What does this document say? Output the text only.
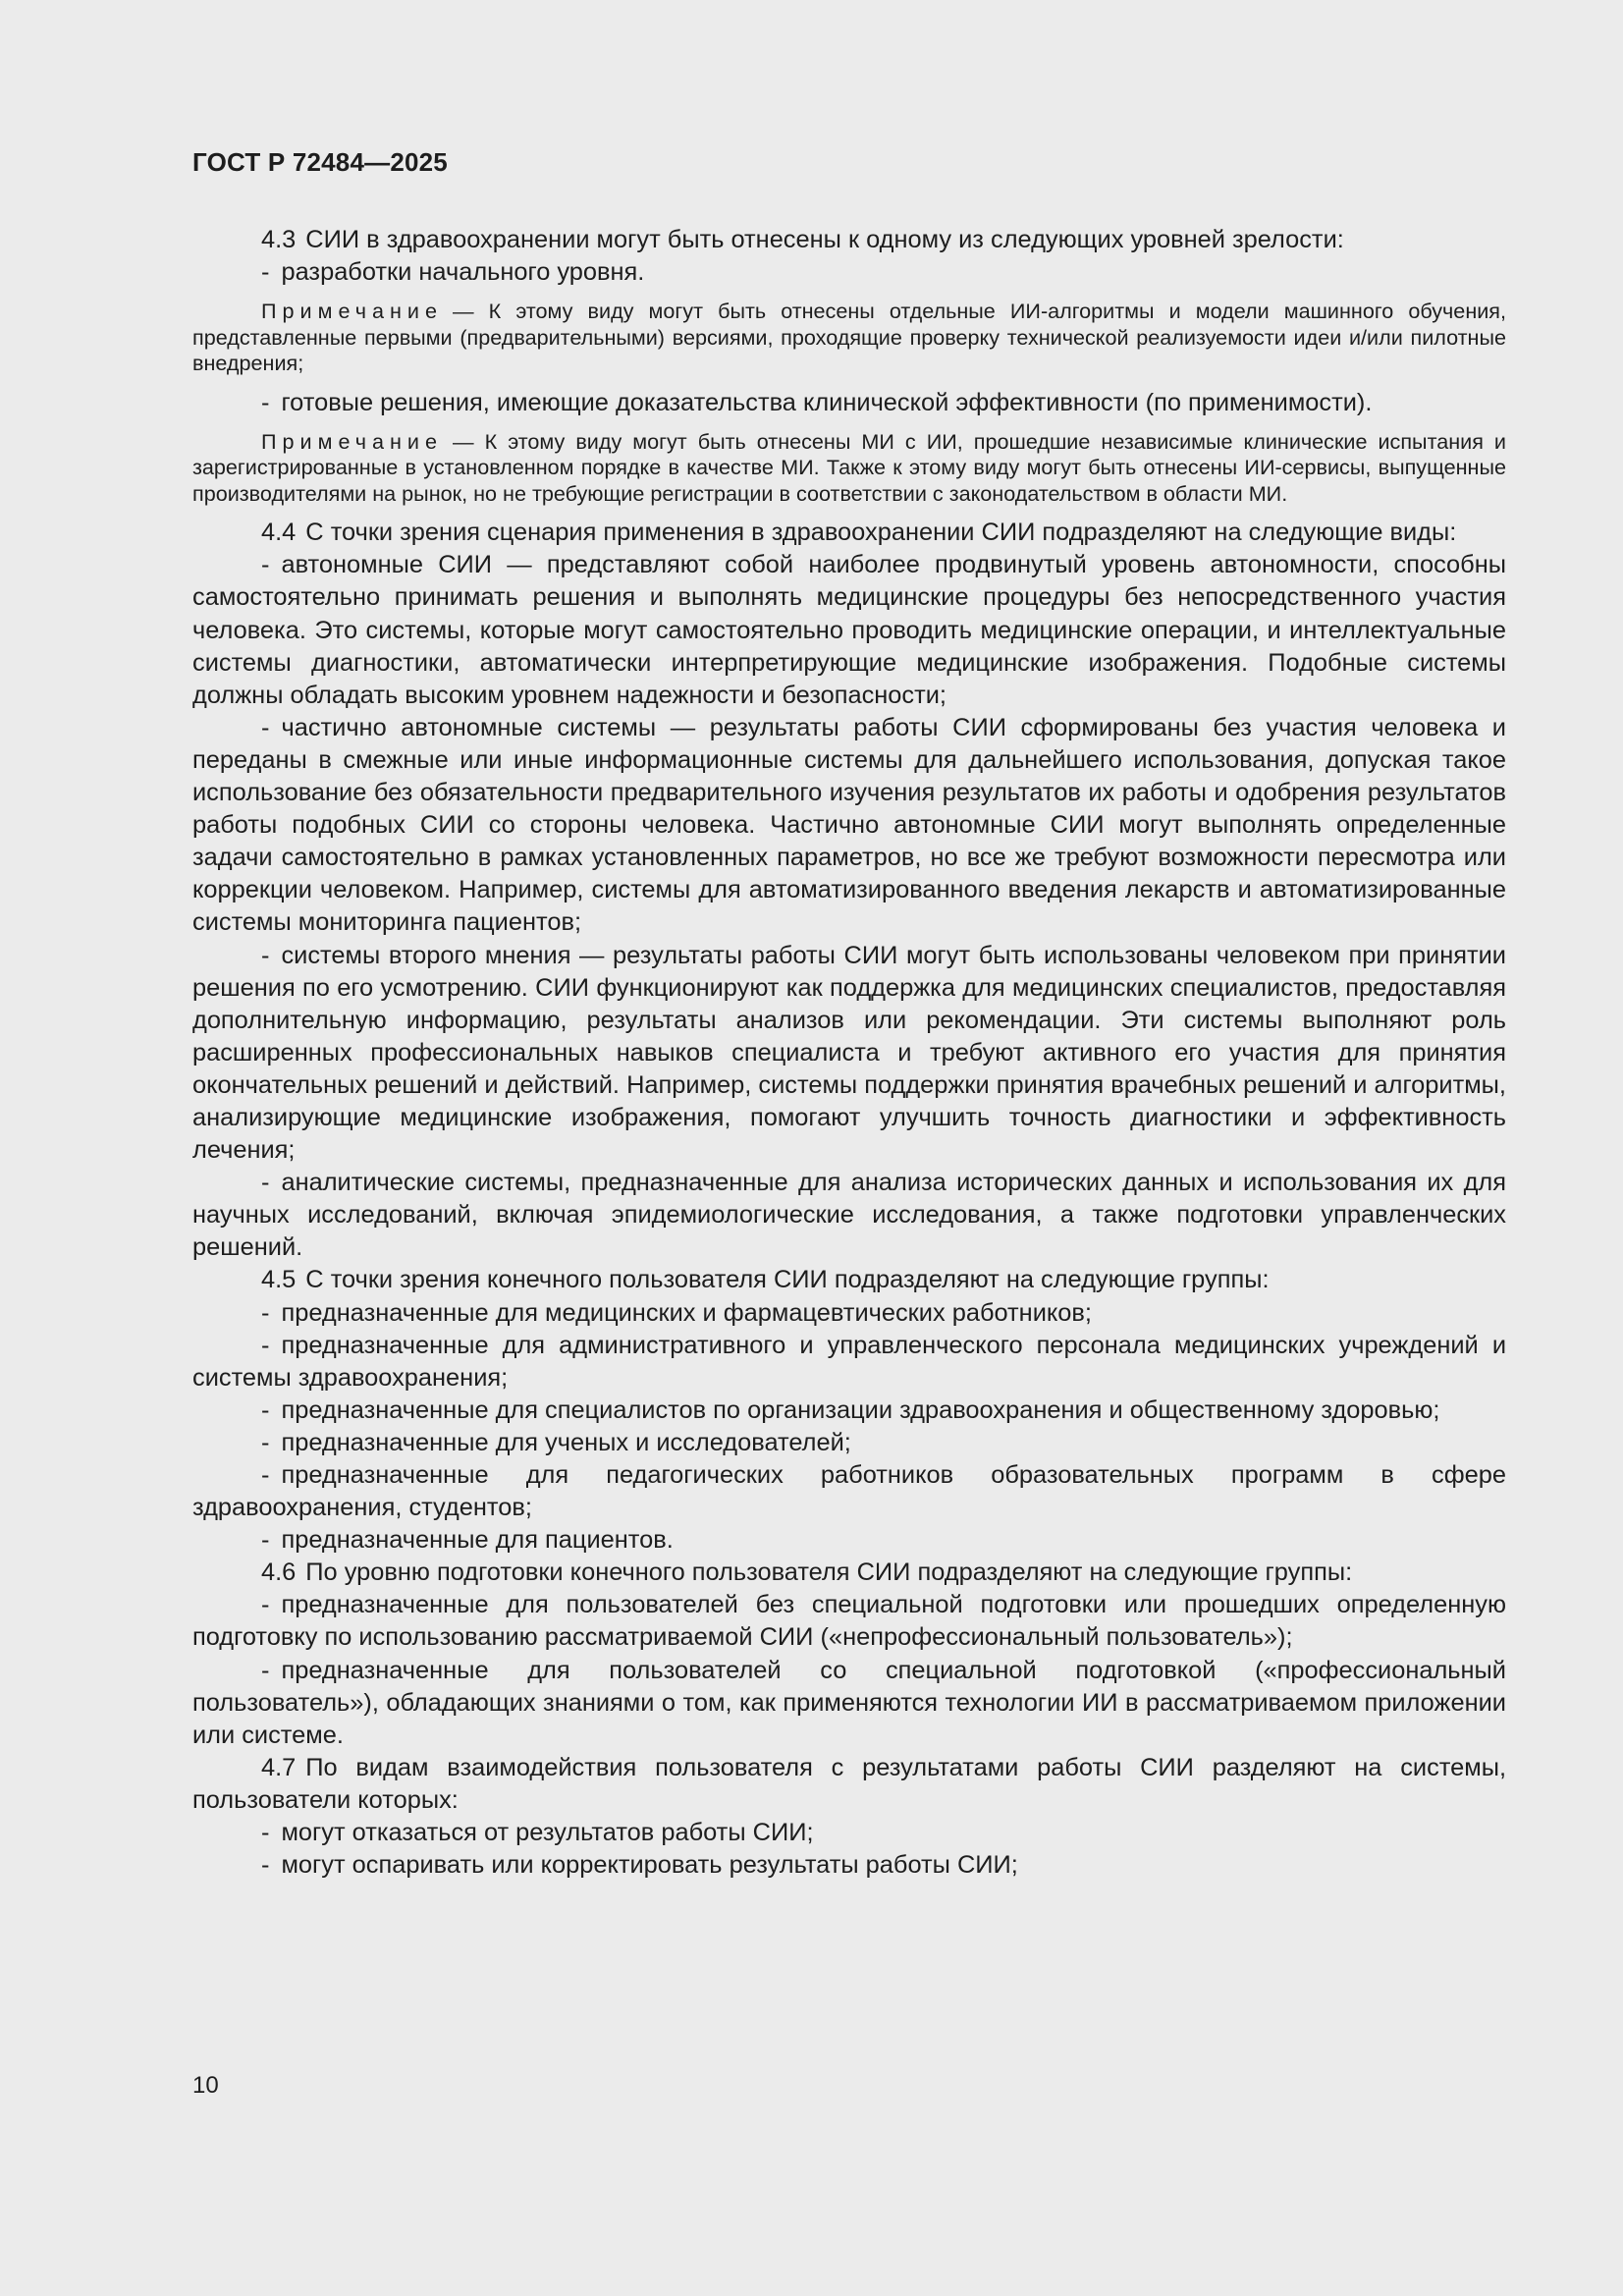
ГОСТ Р 72484—2025

4.3 СИИ в здравоохранении могут быть отнесены к одному из следующих уровней зрелости:

- разработки начального уровня.

Примечание — К этому виду могут быть отнесены отдельные ИИ-алгоритмы и модели машинного обучения, представленные первыми (предварительными) версиями, проходящие проверку технической реализуемости идеи и/или пилотные внедрения;

- готовые решения, имеющие доказательства клинической эффективности (по применимости).

Примечание — К этому виду могут быть отнесены МИ с ИИ, прошедшие независимые клинические испытания и зарегистрированные в установленном порядке в качестве МИ. Также к этому виду могут быть отнесены ИИ-сервисы, выпущенные производителями на рынок, но не требующие регистрации в соответствии с законодательством в области МИ.

4.4 С точки зрения сценария применения в здравоохранении СИИ подразделяют на следующие виды:

- автономные СИИ — представляют собой наиболее продвинутый уровень автономности, способны самостоятельно принимать решения и выполнять медицинские процедуры без непосредственного участия человека. Это системы, которые могут самостоятельно проводить медицинские операции, и интеллектуальные системы диагностики, автоматически интерпретирующие медицинские изображения. Подобные системы должны обладать высоким уровнем надежности и безопасности;

- частично автономные системы — результаты работы СИИ сформированы без участия человека и переданы в смежные или иные информационные системы для дальнейшего использования, допуская такое использование без обязательности предварительного изучения результатов их работы и одобрения результатов работы подобных СИИ со стороны человека. Частично автономные СИИ могут выполнять определенные задачи самостоятельно в рамках установленных параметров, но все же требуют возможности пересмотра или коррекции человеком. Например, системы для автоматизированного введения лекарств и автоматизированные системы мониторинга пациентов;

- системы второго мнения — результаты работы СИИ могут быть использованы человеком при принятии решения по его усмотрению. СИИ функционируют как поддержка для медицинских специалистов, предоставляя дополнительную информацию, результаты анализов или рекомендации. Эти системы выполняют роль расширенных профессиональных навыков специалиста и требуют активного его участия для принятия окончательных решений и действий. Например, системы поддержки принятия врачебных решений и алгоритмы, анализирующие медицинские изображения, помогают улучшить точность диагностики и эффективность лечения;

- аналитические системы, предназначенные для анализа исторических данных и использования их для научных исследований, включая эпидемиологические исследования, а также подготовки управленческих решений.

4.5 С точки зрения конечного пользователя СИИ подразделяют на следующие группы:

- предназначенные для медицинских и фармацевтических работников;

- предназначенные для административного и управленческого персонала медицинских учреждений и системы здравоохранения;

- предназначенные для специалистов по организации здравоохранения и общественному здоровью;

- предназначенные для ученых и исследователей;

- предназначенные для педагогических работников образовательных программ в сфере здравоохранения, студентов;

- предназначенные для пациентов.

4.6 По уровню подготовки конечного пользователя СИИ подразделяют на следующие группы:

- предназначенные для пользователей без специальной подготовки или прошедших определенную подготовку по использованию рассматриваемой СИИ («непрофессиональный пользователь»);

- предназначенные для пользователей со специальной подготовкой («профессиональный пользователь»), обладающих знаниями о том, как применяются технологии ИИ в рассматриваемом приложении или системе.

4.7 По видам взаимодействия пользователя с результатами работы СИИ разделяют на системы, пользователи которых:

- могут отказаться от результатов работы СИИ;

- могут оспаривать или корректировать результаты работы СИИ;

10
